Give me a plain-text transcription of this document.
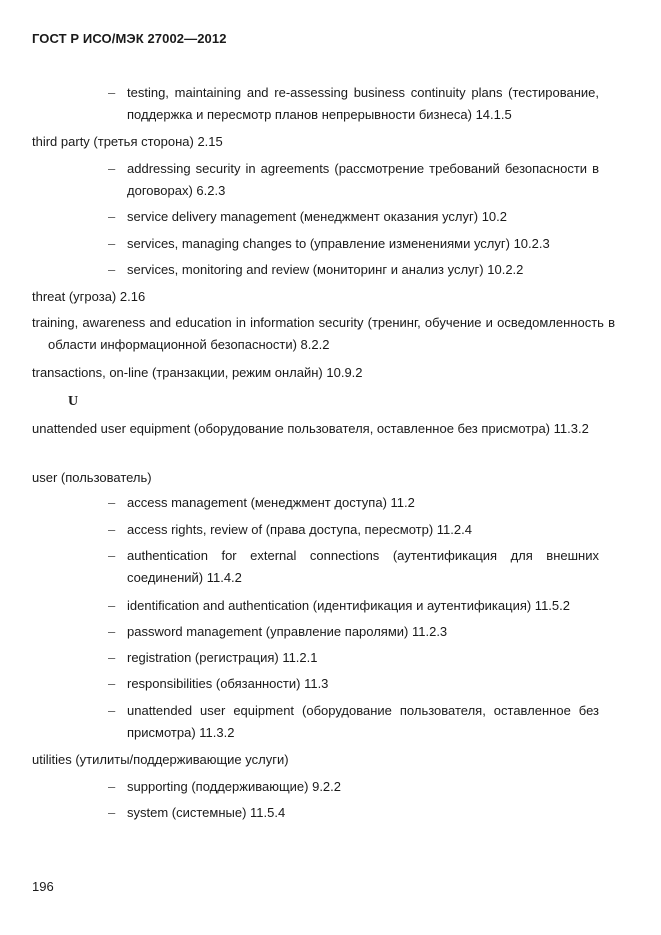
ГОСТ Р ИСО/МЭК 27002—2012
– testing, maintaining and re-assessing business continuity plans (тестирование, поддержка и пересмотр планов непрерывности бизнеса) 14.1.5
third party (третья сторона) 2.15
– addressing security in agreements (рассмотрение требований безопасности в договорах) 6.2.3
– service delivery management (менеджмент оказания услуг) 10.2
– services, managing changes to (управление изменениями услуг) 10.2.3
– services, monitoring and review (мониторинг и анализ услуг) 10.2.2
threat (угроза) 2.16
training, awareness and education in information security (тренинг, обучение и осведомленность в области информационной безопасности) 8.2.2
transactions, on-line (транзакции, режим онлайн) 10.9.2
U
unattended user equipment (оборудование пользователя, оставленное без присмотра) 11.3.2
user (пользователь)
– access management (менеджмент доступа) 11.2
– access rights, review of (права доступа, пересмотр) 11.2.4
– authentication for external connections (аутентификация для внешних соединений) 11.4.2
– identification and authentication (идентификация и аутентификация) 11.5.2
– password management (управление паролями) 11.2.3
– registration (регистрация) 11.2.1
– responsibilities (обязанности) 11.3
– unattended user equipment (оборудование пользователя, оставленное без присмотра) 11.3.2
utilities (утилиты/поддерживающие услуги)
– supporting (поддерживающие) 9.2.2
– system (системные) 11.5.4
196
